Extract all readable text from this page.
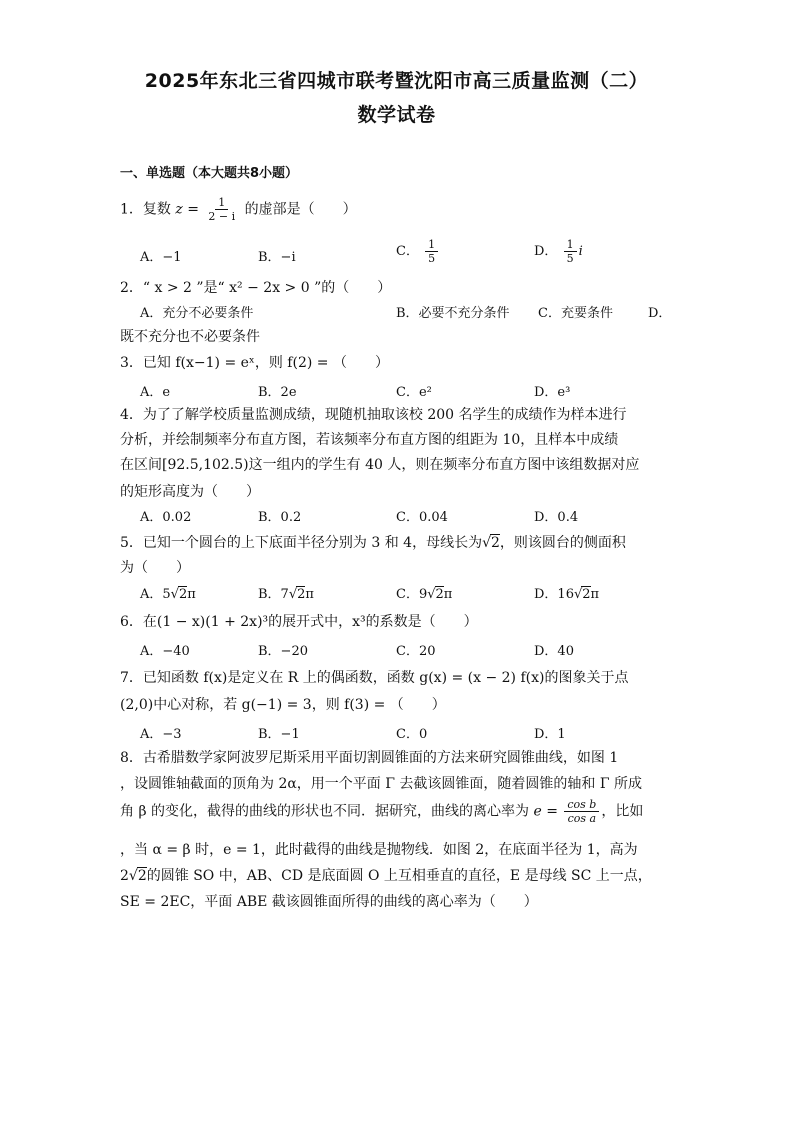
2025年东北三省四城市联考暨沈阳市高三质量监测（二）
数学试卷
一、单选题（本大题共8小题）
1．复数 $z = \frac{1}{2 - i}$ 的虚部是（　　）
A．−1	B．−i	C． $\frac{1}{5}$	D． $\frac{1}{5}$ i
2．“ x > 2 ”是“ x² − 2x > 0 ”的（　　）
A．充分不必要条件	B．必要不充分条件 C．充要条件	D．
既不充分也不必要条件
3．已知 f(x−1) = eˣ，则 f(2) = （　　）
A．e	B．2e	C．e²	D．e³
4．为了了解学校质量监测成绩，现随机抽取该校 200 名学生的成绩作为样本进行
分析，并绘制频率分布直方图，若该频率分布直方图的组距为 10，且样本中成绩
在区间[92.5,102.5)这一组内的学生有 40 人，则在频率分布直方图中该组数据对应
的矩形高度为（　　）
A．0.02	B．0.2	C．0.04	D．0.4
5．已知一个圆台的上下底面半径分别为 3 和 4，母线长为√2，则该圆台的侧面积
为（　　）
A．5√2π	B．7√2π	C．9√2π	D．16√2π
6．在(1 − x)(1 + 2x)³的展开式中，x³的系数是（　　）
A．−40	B．−20	C．20	D．40
7．已知函数 f(x)是定义在 R 上的偶函数，函数 g(x) = (x − 2) f(x)的图象关于点
(2,0)中心对称，若 g(−1) = 3，则 f(3) = （　　）
A．−3	B．−1	C．0	D．1
8．古希腊数学家阿波罗尼斯采用平面切割圆锥面的方法来研究圆锥曲线，如图 1
，设圆锥轴截面的顶角为 2α，用一个平面 Γ 去截该圆锥面，随着圆锥的轴和 Γ 所成
角 β 的变化，截得的曲线的形状也不同．据研究，曲线的离心率为 $e = \frac{\text{cos b}}{\text{cos a}}$ ，比如
，当 α = β 时，e = 1，此时截得的曲线是抛物线．如图 2，在底面半径为 1，高为
2√2的圆锥 SO 中，AB、CD 是底面圆 O 上互相垂直的直径，E 是母线 SC 上一点，
SE = 2EC，平面 ABE 截该圆锥面所得的曲线的离心率为（　　）
